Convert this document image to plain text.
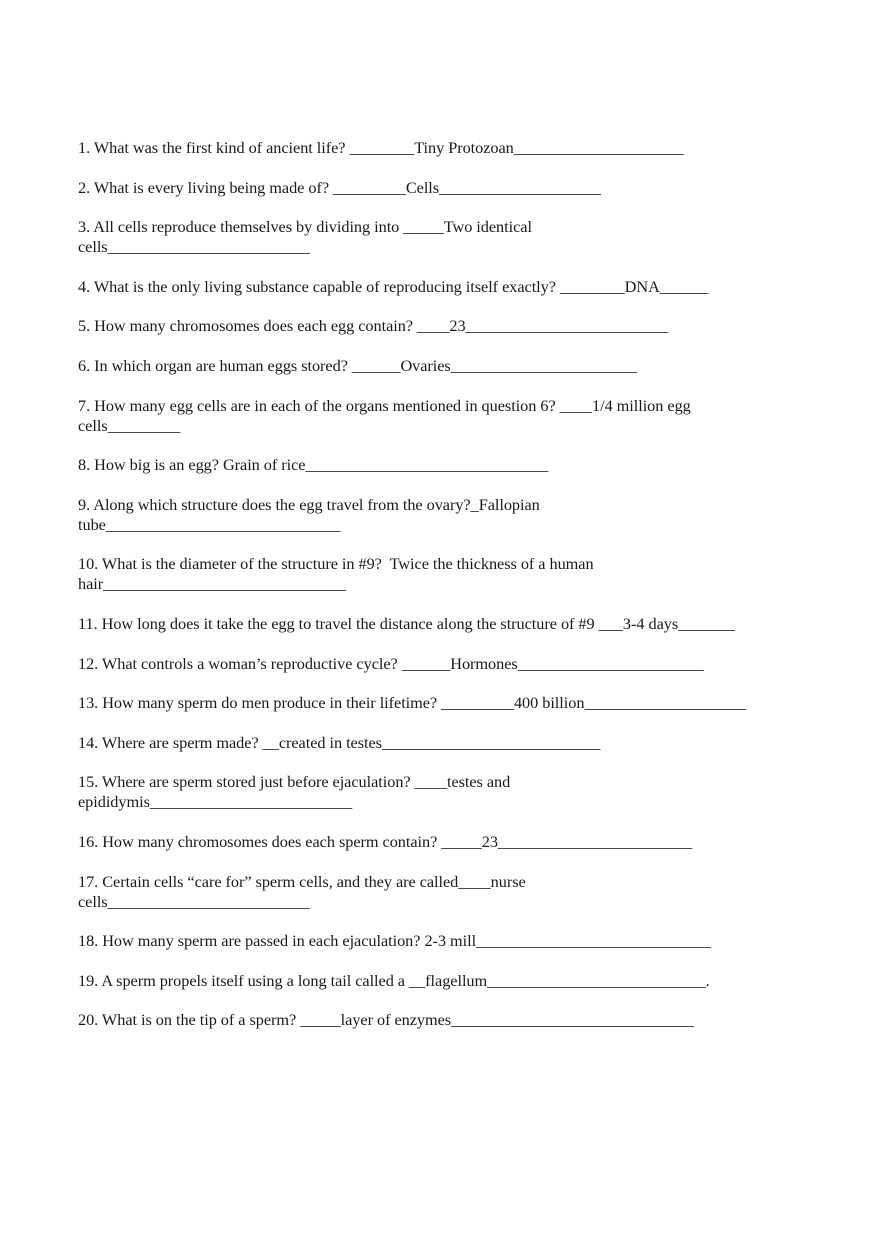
1. What was the first kind of ancient life? ________Tiny Protozoan_____________________
2. What is every living being made of? _________Cells____________________
3. All cells reproduce themselves by dividing into _____Two identical cells_________________________
4. What is the only living substance capable of reproducing itself exactly? ________DNA______
5. How many chromosomes does each egg contain? ____23_________________________
6. In which organ are human eggs stored? ______Ovaries_______________________
7. How many egg cells are in each of the organs mentioned in question 6? ____1/4 million egg cells_________
8. How big is an egg? Grain of rice______________________________
9. Along which structure does the egg travel from the ovary?_Fallopian tube_____________________________
10. What is the diameter of the structure in #9?  Twice the thickness of a human hair______________________________
11. How long does it take the egg to travel the distance along the structure of #9 ___3-4 days_______
12. What controls a woman’s reproductive cycle? ______Hormones_______________________
13. How many sperm do men produce in their lifetime? _________400 billion____________________
14. Where are sperm made? __created in testes___________________________
15. Where are sperm stored just before ejaculation? ____testes and epididymis_________________________
16. How many chromosomes does each sperm contain? _____23________________________
17. Certain cells “care for” sperm cells, and they are called____nurse cells_________________________
18. How many sperm are passed in each ejaculation? 2-3 mill_____________________________
19. A sperm propels itself using a long tail called a __flagellum___________________________.
20. What is on the tip of a sperm? _____layer of enzymes______________________________
